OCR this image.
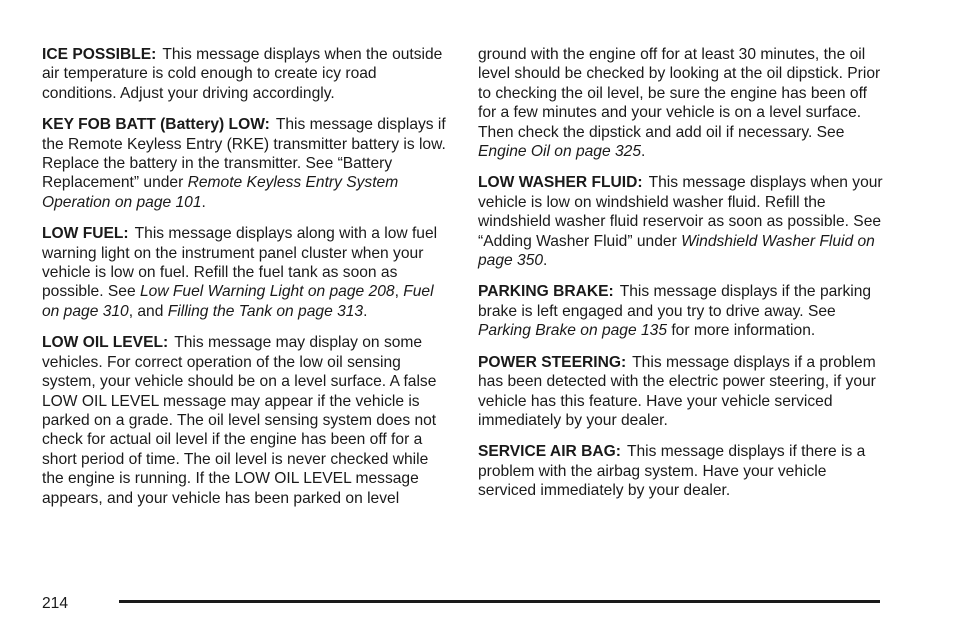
ICE POSSIBLE: This message displays when the outside air temperature is cold enough to create icy road conditions. Adjust your driving accordingly.

KEY FOB BATT (Battery) LOW: This message displays if the Remote Keyless Entry (RKE) transmitter battery is low. Replace the battery in the transmitter. See “Battery Replacement” under Remote Keyless Entry System Operation on page 101.

LOW FUEL: This message displays along with a low fuel warning light on the instrument panel cluster when your vehicle is low on fuel. Refill the fuel tank as soon as possible. See Low Fuel Warning Light on page 208, Fuel on page 310, and Filling the Tank on page 313.

LOW OIL LEVEL: This message may display on some vehicles. For correct operation of the low oil sensing system, your vehicle should be on a level surface. A false LOW OIL LEVEL message may appear if the vehicle is parked on a grade. The oil level sensing system does not check for actual oil level if the engine has been off for a short period of time. The oil level is never checked while the engine is running. If the LOW OIL LEVEL message appears, and your vehicle has been parked on level

ground with the engine off for at least 30 minutes, the oil level should be checked by looking at the oil dipstick. Prior to checking the oil level, be sure the engine has been off for a few minutes and your vehicle is on a level surface. Then check the dipstick and add oil if necessary. See Engine Oil on page 325.

LOW WASHER FLUID: This message displays when your vehicle is low on windshield washer fluid. Refill the windshield washer fluid reservoir as soon as possible. See “Adding Washer Fluid” under Windshield Washer Fluid on page 350.

PARKING BRAKE: This message displays if the parking brake is left engaged and you try to drive away. See Parking Brake on page 135 for more information.

POWER STEERING: This message displays if a problem has been detected with the electric power steering, if your vehicle has this feature. Have your vehicle serviced immediately by your dealer.

SERVICE AIR BAG: This message displays if there is a problem with the airbag system. Have your vehicle serviced immediately by your dealer.

214
